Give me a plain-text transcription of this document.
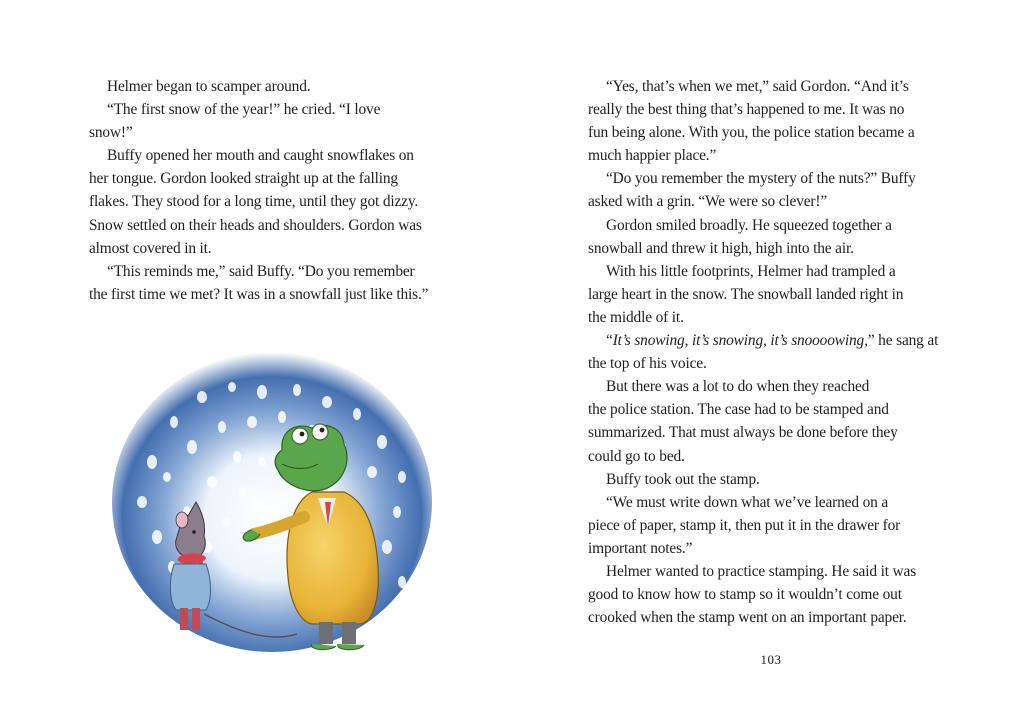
Helmer began to scamper around.

“The first snow of the year!” he cried. “I love
snow!”

Buffy opened her mouth and caught snowflakes on
her tongue. Gordon looked straight up at the falling
flakes. They stood for a long time, until they got dizzy.
Snow settled on their heads and shoulders. Gordon was
almost covered in it.

“This reminds me,” said Buffy. “Do you remember
the first time we met? It was in a snowfall just like this.”

“Yes, that’s when we met,” said Gordon. “And it’s
really the best thing that’s happened to me. It was no
fun being alone. With you, the police station became a
much happier place.”

“Do you remember the mystery of the nuts?” Buffy
asked with a grin. “We were so clever!”

Gordon smiled broadly. He squeezed together a
snowball and threw it high, high into the air.

With his little footprints, Helmer had trampled a
large heart in the snow. The snowball landed right in
the middle of it.

“It’s snowing, it’s snowing, it’s snoooowing,” he sang at
the top of his voice.

But there was a lot to do when they reached
the police station. The case had to be stamped and
summarized. That must always be done before they
could go to bed.

Buffy took out the stamp.

“We must write down what we’ve learned on a
piece of paper, stamp it, then put it in the drawer for
important notes.”

Helmer wanted to practice stamping. He said it was
good to know how to stamp so it wouldn’t come out
crooked when the stamp went on an important paper.

103
